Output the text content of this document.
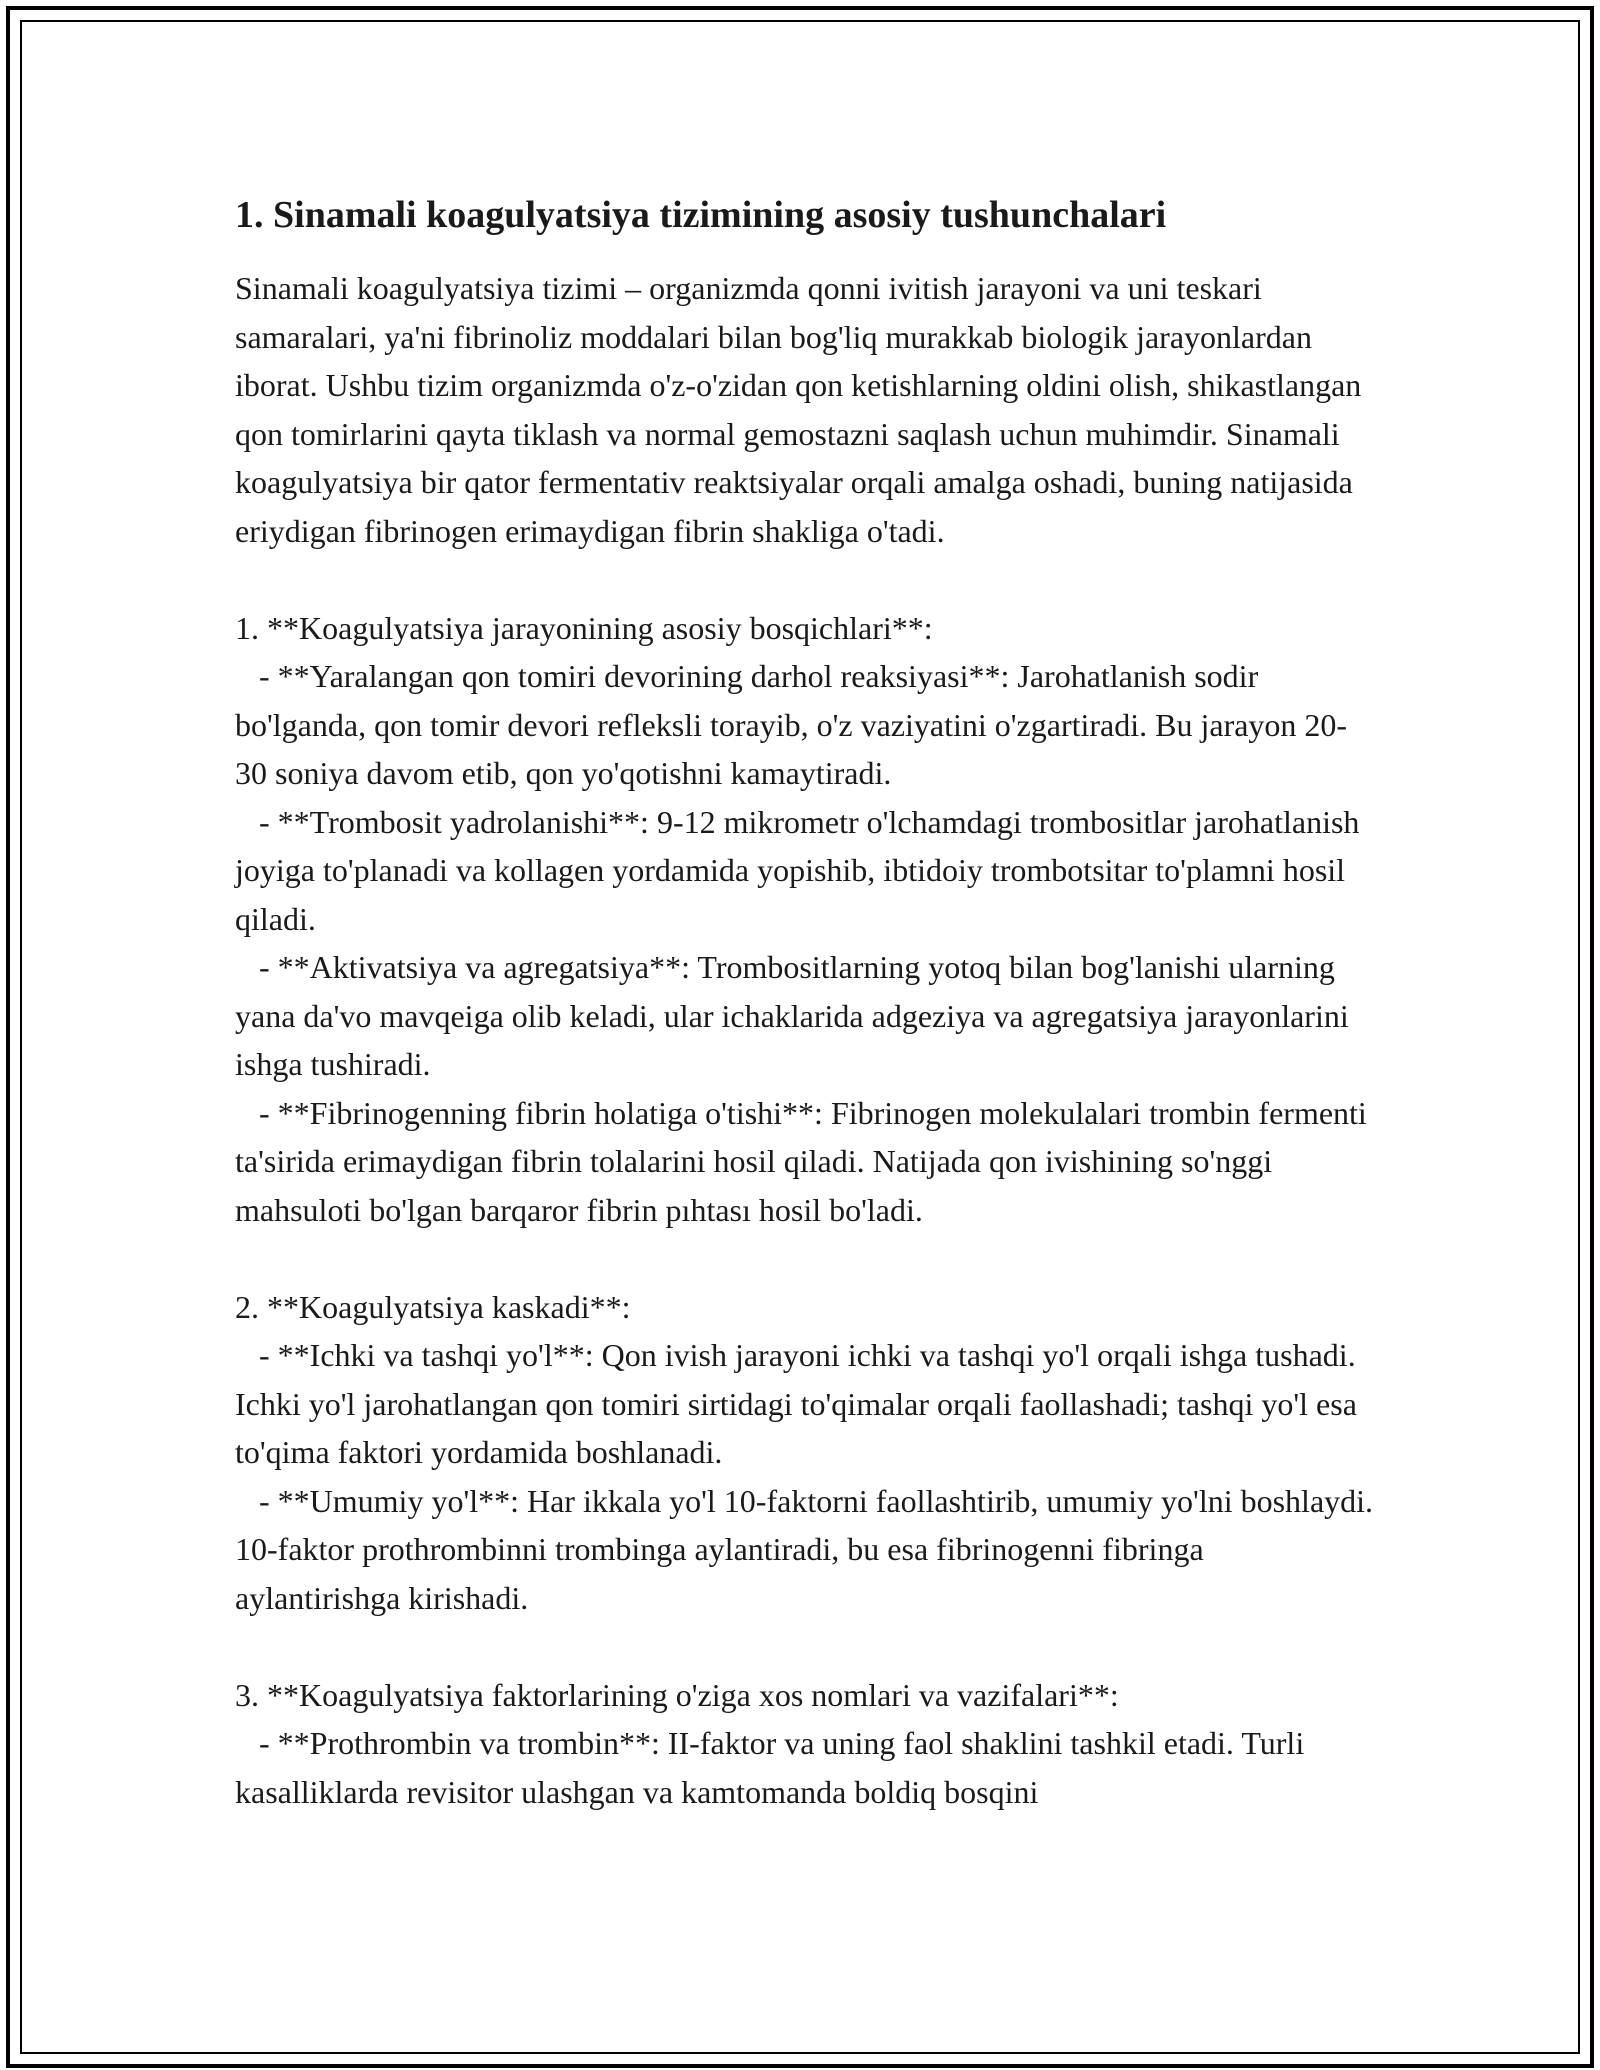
1. Sinamali koagulyatsiya tizimining asosiy tushunchalari

Sinamali koagulyatsiya tizimi – organizmda qonni ivitish jarayoni va uni teskari samaralari, ya'ni fibrinoliz moddalari bilan bog'liq murakkab biologik jarayonlardan iborat. Ushbu tizim organizmda o'z-o'zidan qon ketishlarning oldini olish, shikastlangan qon tomirlarini qayta tiklash va normal gemostazni saqlash uchun muhimdir. Sinamali koagulyatsiya bir qator fermentativ reaktsiyalar orqali amalga oshadi, buning natijasida eriydigan fibrinogen erimaydigan fibrin shakliga o'tadi.

1. **Koagulyatsiya jarayonining asosiy bosqichlari**:

- **Yaralangan qon tomiri devorining darhol reaksiyasi**: Jarohatlanish sodir bo'lganda, qon tomir devori refleksli torayib, o'z vaziyatini o'zgartiradi. Bu jarayon 20-30 soniya davom etib, qon yo'qotishni kamaytiradi.

- **Trombosit yadrolanishi**: 9-12 mikrometr o'lchamdagi trombositlar jarohatlanish joyiga to'planadi va kollagen yordamida yopishib, ibtidoiy trombotsitar to'plamni hosil qiladi.

- **Aktivatsiya va agregatsiya**: Trombositlarning yotoq bilan bog'lanishi ularning yana da'vo mavqeiga olib keladi, ular ichaklarida adgeziya va agregatsiya jarayonlarini ishga tushiradi.

- **Fibrinogenning fibrin holatiga o'tishi**: Fibrinogen molekulalari trombin fermenti ta'sirida erimaydigan fibrin tolalarini hosil qiladi. Natijada qon ivishining so'nggi mahsuloti bo'lgan barqaror fibrin pıhtası hosil bo'ladi.

2. **Koagulyatsiya kaskadi**:

- **Ichki va tashqi yo'l**: Qon ivish jarayoni ichki va tashqi yo'l orqali ishga tushadi. Ichki yo'l jarohatlangan qon tomiri sirtidagi to'qimalar orqali faollashadi; tashqi yo'l esa to'qima faktori yordamida boshlanadi.

- **Umumiy yo'l**: Har ikkala yo'l 10-faktorni faollashtirib, umumiy yo'lni boshlaydi. 10-faktor prothrombinni trombinga aylantiradi, bu esa fibrinogenni fibringa aylantirishga kirishadi.

3. **Koagulyatsiya faktorlarining o'ziga xos nomlari va vazifalari**:

- **Prothrombin va trombin**: II-faktor va uning faol shaklini tashkil etadi. Turli kasalliklarda revisitor ulashgan va kamtomanda boldiq bosqini
